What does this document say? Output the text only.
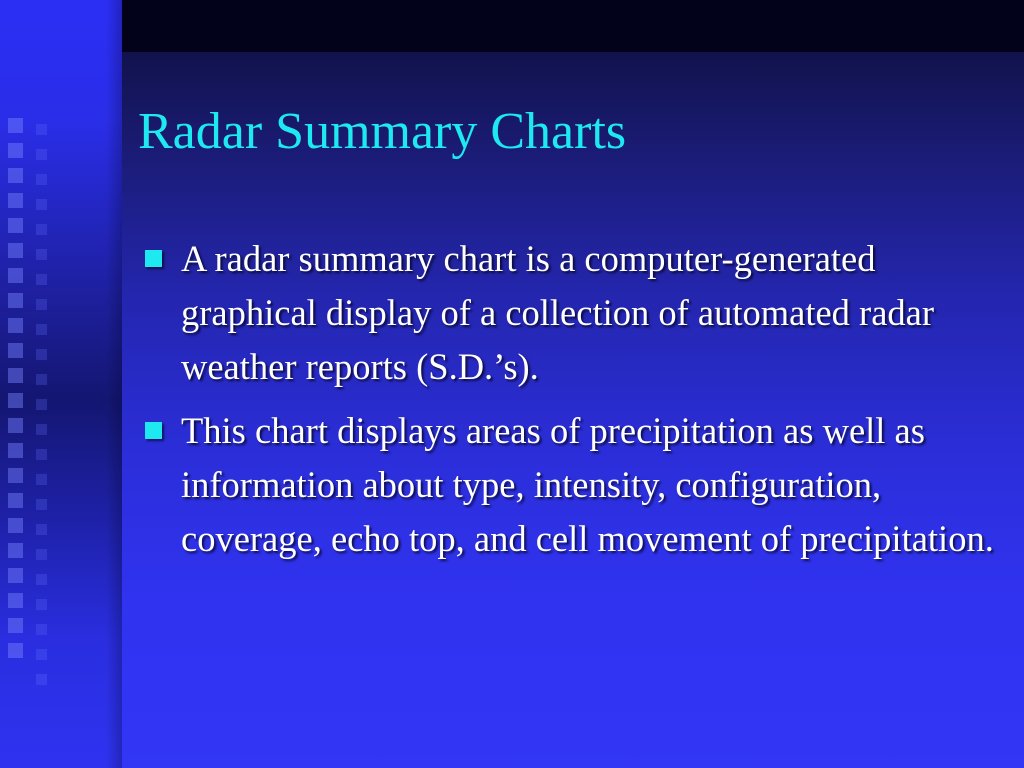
Radar Summary Charts
A radar summary chart is a computer-generated graphical display of a collection of automated radar weather reports (S.D.’s).
This chart displays areas of precipitation as well as information about type, intensity, configuration, coverage, echo top, and cell movement of precipitation.
